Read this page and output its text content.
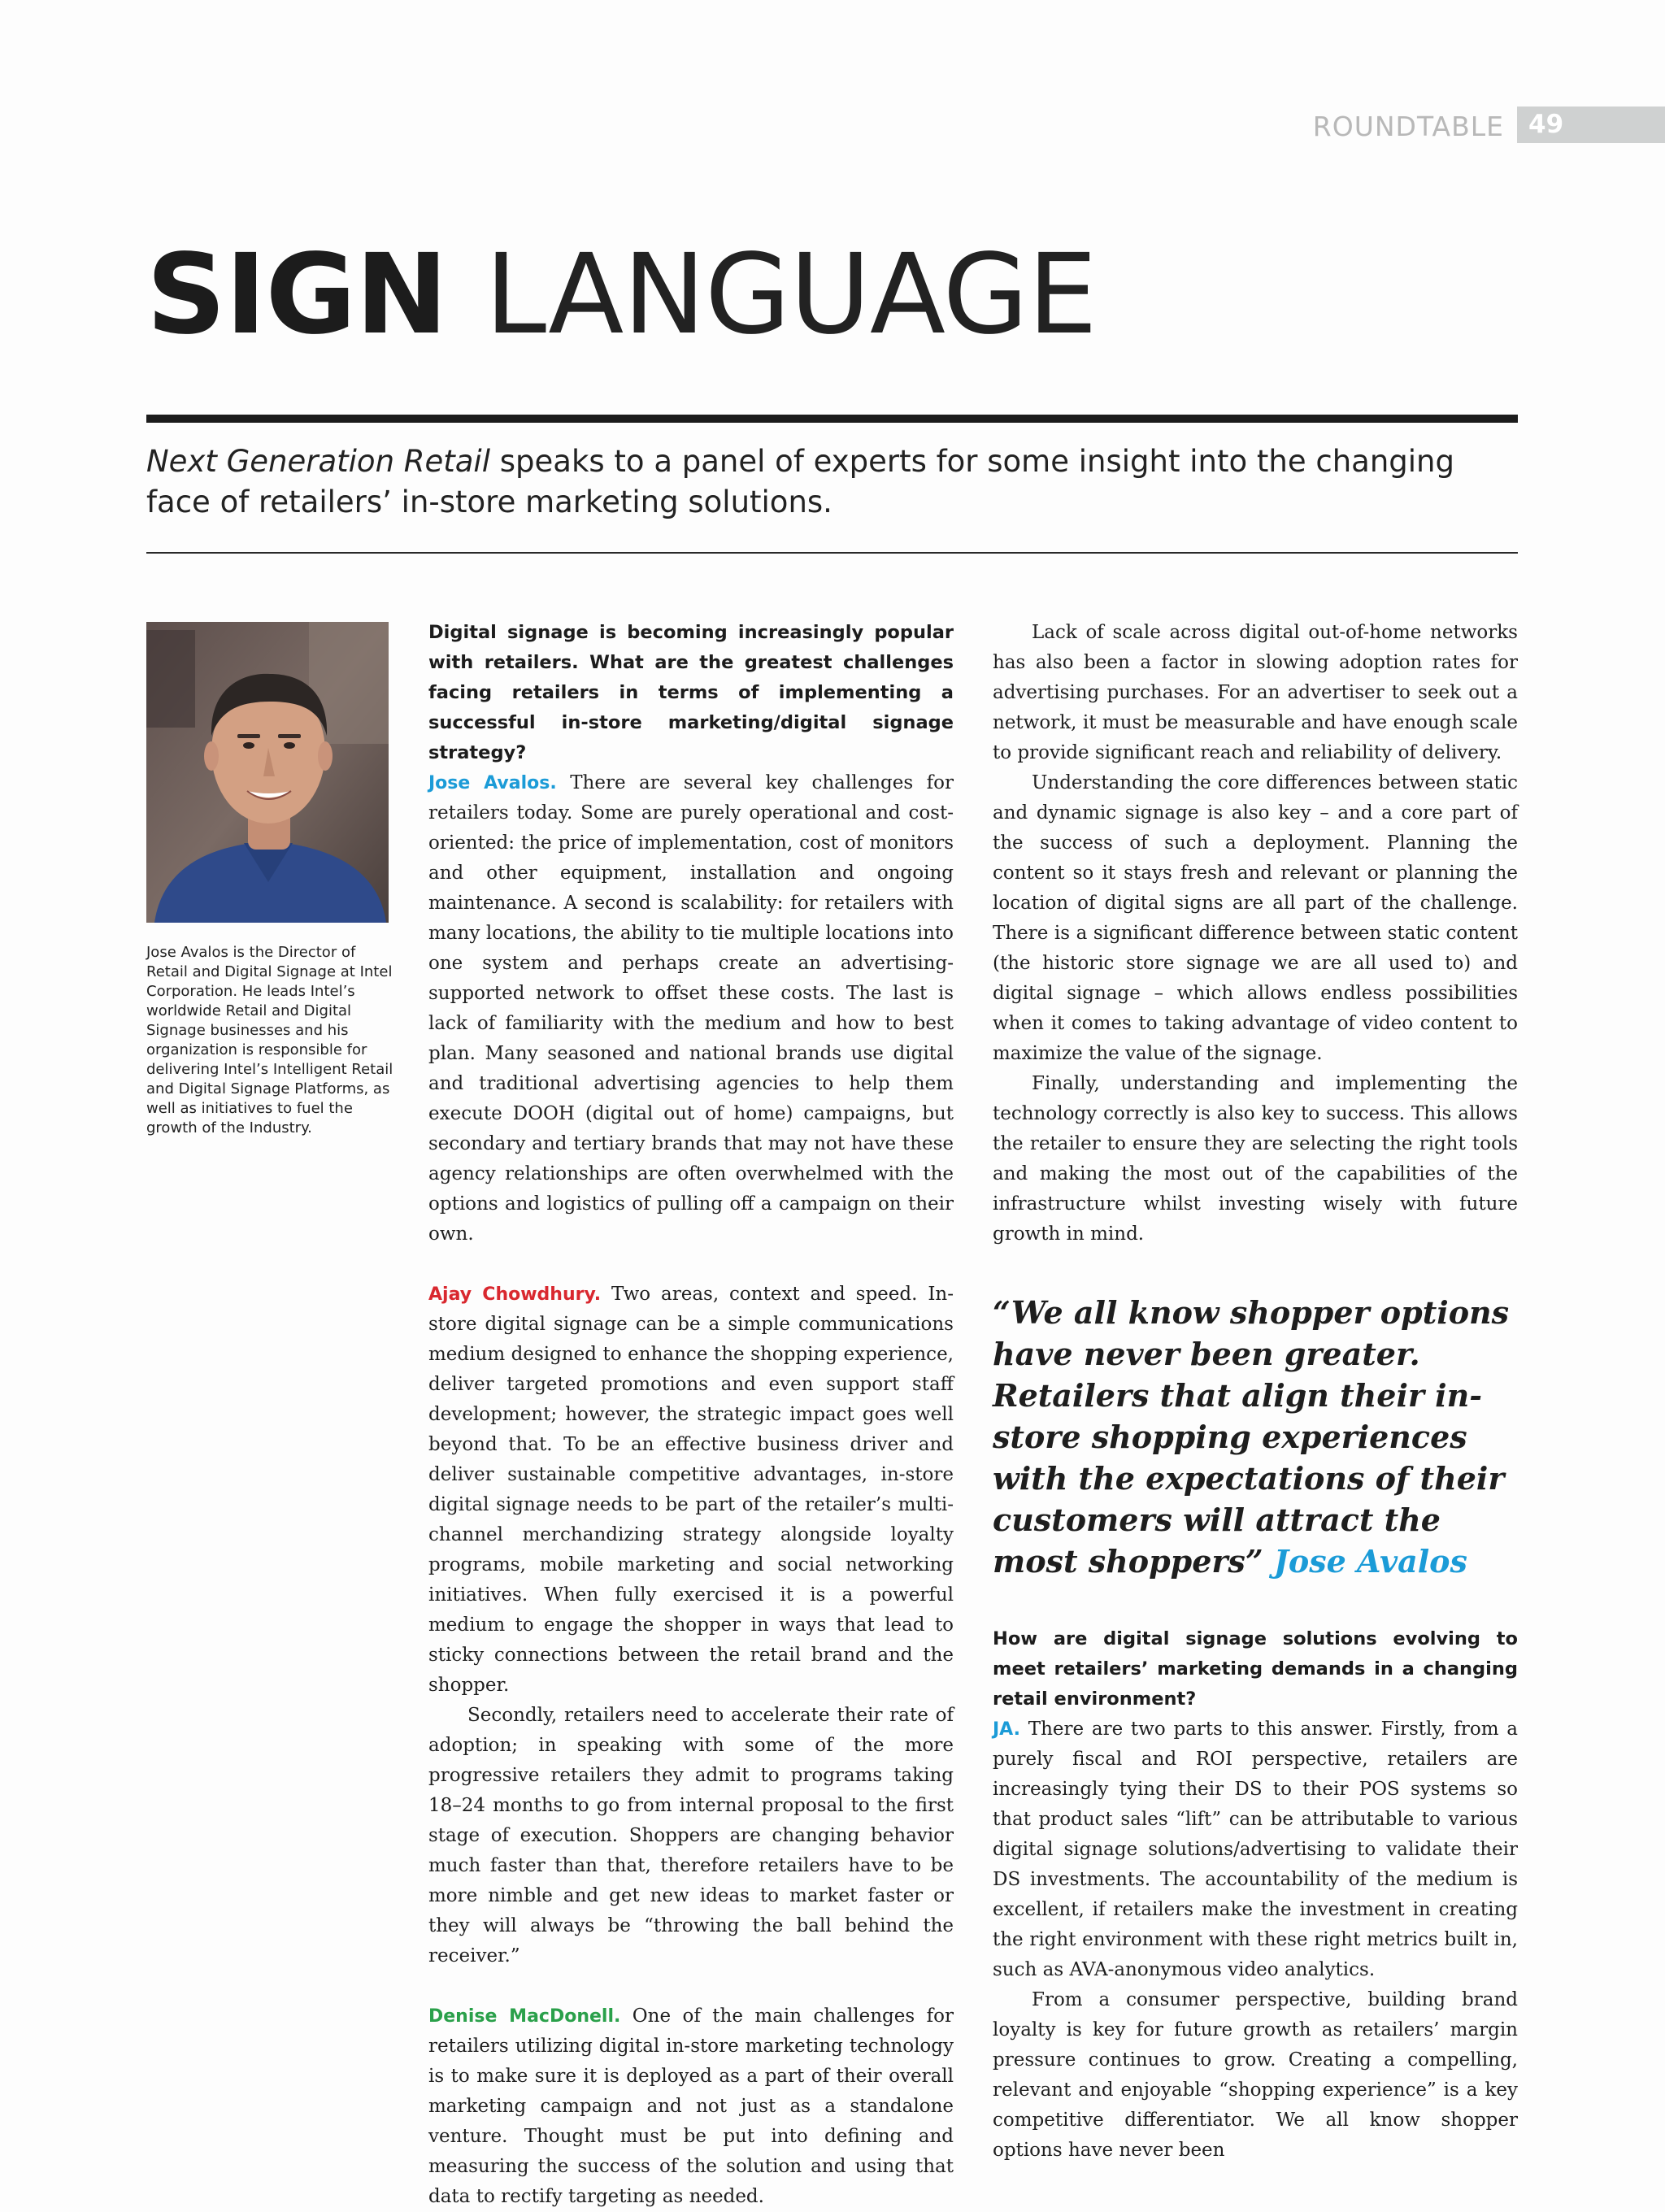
ROUNDTABLE 49
SIGN LANGUAGE

Next Generation Retail speaks to a panel of experts for some insight into the changing face of retailers’ in-store marketing solutions.

Jose Avalos is the Director of Retail and Digital Signage at Intel Corporation. He leads Intel’s worldwide Retail and Digital Signage businesses and his organization is responsible for delivering Intel’s Intelligent Retail and Digital Signage Platforms, as well as initiatives to fuel the growth of the Industry.

Digital signage is becoming increasingly popular with retailers. What are the greatest challenges facing retailers in terms of implementing a successful in-store marketing/digital signage strategy?

Jose Avalos. There are several key challenges for retailers today. Some are purely operational and cost-oriented: the price of implementation, cost of monitors and other equipment, installation and ongoing maintenance. A second is scalability: for retailers with many locations, the ability to tie multiple locations into one system and perhaps create an advertising-supported network to offset these costs. The last is lack of familiarity with the medium and how to best plan. Many seasoned and national brands use digital and traditional advertising agencies to help them execute DOOH (digital out of home) campaigns, but secondary and tertiary brands that may not have these agency relationships are often overwhelmed with the options and logistics of pulling off a campaign on their own.

Ajay Chowdhury. Two areas, context and speed. In-store digital signage can be a simple communications medium designed to enhance the shopping experience, deliver targeted promotions and even support staff development; however, the strategic impact goes well beyond that. To be an effective business driver and deliver sustainable competitive advantages, in-store digital signage needs to be part of the retailer’s multi-channel merchandizing strategy alongside loyalty programs, mobile marketing and social networking initiatives. When fully exercised it is a powerful medium to engage the shopper in ways that lead to sticky connections between the retail brand and the shopper.

Secondly, retailers need to accelerate their rate of adoption; in speaking with some of the more progressive retailers they admit to programs taking 18–24 months to go from internal proposal to the first stage of execution. Shoppers are changing behavior much faster than that, therefore retailers have to be more nimble and get new ideas to market faster or they will always be “throwing the ball behind the receiver.”

Denise MacDonell. One of the main challenges for retailers utilizing digital in-store marketing technology is to make sure it is deployed as a part of their overall marketing campaign and not just as a standalone venture. Thought must be put into defining and measuring the success of the solution and using that data to rectify targeting as needed.

Lack of scale across digital out-of-home networks has also been a factor in slowing adoption rates for advertising purchases. For an advertiser to seek out a network, it must be measurable and have enough scale to provide significant reach and reliability of delivery.

Understanding the core differences between static and dynamic signage is also key – and a core part of the success of such a deployment. Planning the content so it stays fresh and relevant or planning the location of digital signs are all part of the challenge. There is a significant difference between static content (the historic store signage we are all used to) and digital signage – which allows endless possibilities when it comes to taking advantage of video content to maximize the value of the signage.

Finally, understanding and implementing the technology correctly is also key to success. This allows the retailer to ensure they are selecting the right tools and making the most out of the capabilities of the infrastructure whilst investing wisely with future growth in mind.

“We all know shopper options have never been greater. Retailers that align their in-store shopping experiences with the expectations of their customers will attract the most shoppers” Jose Avalos

How are digital signage solutions evolving to meet retailers’ marketing demands in a changing retail environment?

JA. There are two parts to this answer. Firstly, from a purely fiscal and ROI perspective, retailers are increasingly tying their DS to their POS systems so that product sales “lift” can be attributable to various digital signage solutions/advertising to validate their DS investments. The accountability of the medium is excellent, if retailers make the investment in creating the right environment with these right metrics built in, such as AVA-anonymous video analytics.

From a consumer perspective, building brand loyalty is key for future growth as retailers’ margin pressure continues to grow. Creating a compelling, relevant and enjoyable “shopping experience” is a key competitive differentiator. We all know shopper options have never been
